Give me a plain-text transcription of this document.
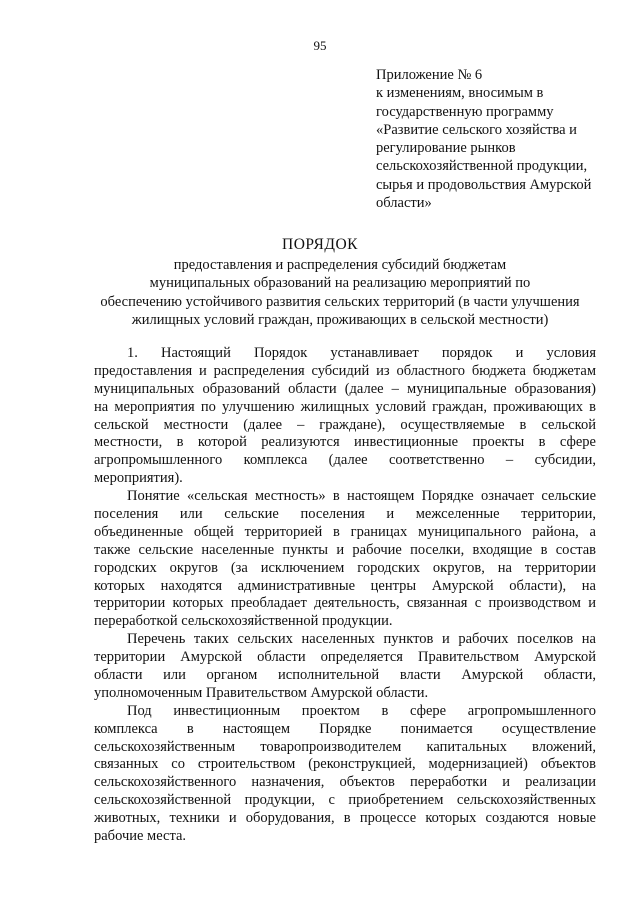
95
Приложение № 6
к изменениям, вносимым в
государственную программу
«Развитие сельского хозяйства и
регулирование рынков
сельскохозяйственной продукции,
сырья и продовольствия Амурской
области»
ПОРЯДОК
предоставления и распределения субсидий бюджетам
муниципальных образований на реализацию мероприятий по
обеспечению устойчивого развития сельских территорий (в части улучшения
жилищных условий граждан, проживающих в сельской местности)

1. Настоящий Порядок устанавливает порядок и условия
предоставления и распределения субсидий из областного бюджета бюджетам
муниципальных образований области (далее – муниципальные образования)
на мероприятия по улучшению жилищных условий граждан, проживающих в
сельской местности (далее – граждане), осуществляемые в сельской
местности, в которой реализуются инвестиционные проекты в сфере
агропромышленного комплекса (далее соответственно – субсидии,
мероприятия).

Понятие «сельская местность» в настоящем Порядке означает сельские
поселения или сельские поселения и межселенные территории,
объединенные общей территорией в границах муниципального района, а
также сельские населенные пункты и рабочие поселки, входящие в состав
городских округов (за исключением городских округов, на территории
которых находятся административные центры Амурской области), на
территории которых преобладает деятельность, связанная с производством и
переработкой сельскохозяйственной продукции.

Перечень таких сельских населенных пунктов и рабочих поселков на
территории Амурской области определяется Правительством Амурской
области или органом исполнительной власти Амурской области,
уполномоченным Правительством Амурской области.

Под инвестиционным проектом в сфере агропромышленного
комплекса в настоящем Порядке понимается осуществление
сельскохозяйственным товаропроизводителем капитальных вложений,
связанных со строительством (реконструкцией, модернизацией) объектов
сельскохозяйственного назначения, объектов переработки и реализации
сельскохозяйственной продукции, с приобретением сельскохозяйственных
животных, техники и оборудования, в процессе которых создаются новые
рабочие места.
